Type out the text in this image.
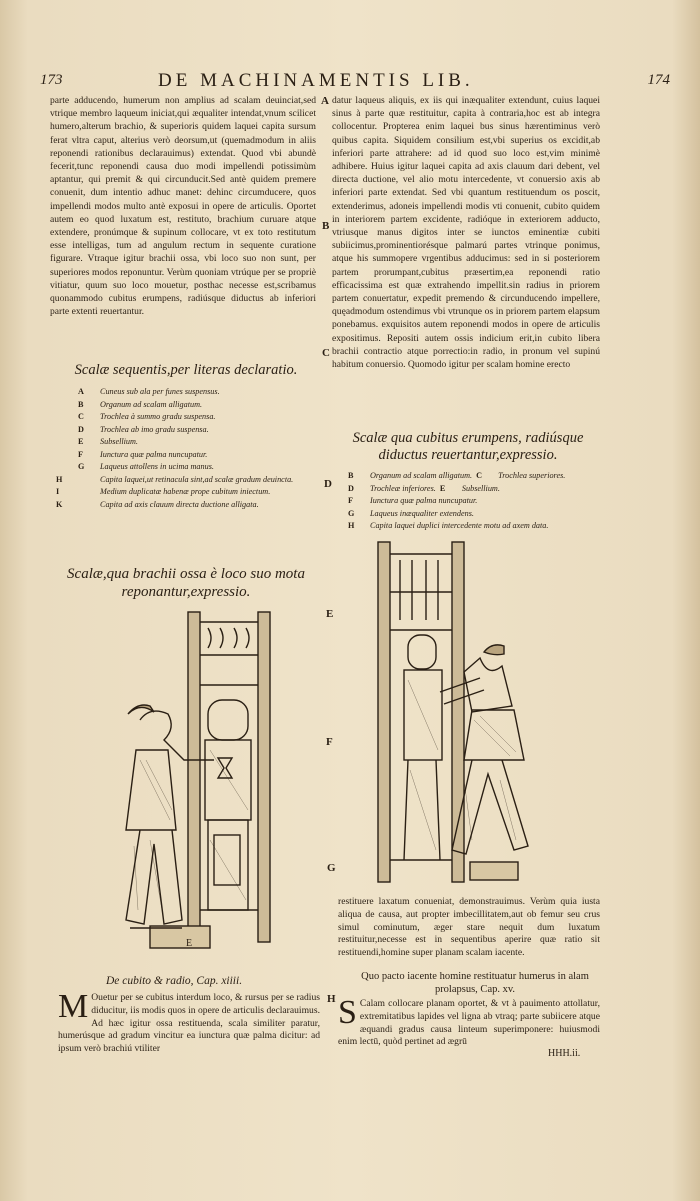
173	DE MACHINAMENTIS LIB.	174
parte adducendo, humerum non amplius ad scalam deuinciat,sed vtrique membro laqueum iniciat,qui æqualiter intendat,vnum scilicet humero,alterum brachio, & superioris quidem laquei capita sursum ferat vltra caput, alterius verò deorsum,ut (quemadmodum in aliis reponendi rationibus declarauimus) extendat. Quod vbi abundè fecerit,tunc reponendi causa duo modi impellendi potissimùm aptantur, qui premit & qui circunducit.Sed antè quidem premere conuenit, dum intentio adhuc manet: dehinc circumducere, quos impellendi modos multo antè exposui in opere de articulis. Oportet autem eo quod luxatum est, restituto, brachium curuare atque extendere, pronúmque & supinum collocare, vt ex toto restitutum esse intelligas, tum ad angulum rectum in sequente curatione figurare. Vtraque igitur brachii ossa, vbi loco suo non sunt, per superiores modos reponuntur. Verùm quoniam vtrúque per se propriè vitiatur, quum suo loco mouetur, posthac necesse est,scribamus quonammodo cubitus erumpens, radiúsque diductus ab inferiori parte extenti reuertantur.
datur laqueus aliquis, ex iis qui inæqualiter extendunt, cuius laquei sinus à parte quæ restituitur, capita à contraria,hoc est ab integra collocentur. Propterea enim laquei bus sinus hærentiminus verò quibus capita. Siquidem consilium est,vbi superius os excidit,ab inferiori parte attrahere: ad id quod suo loco est,vim minimè adhibere. Huius igitur laquei capita ad axis clauum dari debent, vel directa ductione, vel alio motu intercedente, vt conuersio axis ab inferiori parte extendat. Sed vbi quantum restituendum os poscit, extenderimus, adoneis impellendi modis vti conuenit, cubito quidem in interiorem partem excidente, radióque in exteriorem adducto, vtriusque manus digitos inter se iunctos eminentiæ cubiti subiicimus,prominentiorésque palmarú partes vtrinque ponimus, atque his summopere vrgentibus adducimus: sed in si posteriorem partem prorumpant,cubitus præsertim,ea reponendi ratio efficacissima est quæ extrahendo impellit.sin radius in priorem partem conuertatur, expedit premendo & circunducendo impellere, quęadmodum ostendimus vbi vtrunque os in priorem partem elapsum ponebamus. exquisitos autem reponendi modos in opere de articulis expositimus. Repositi autem ossis indicium erit,in cubito libera brachii contractio atque porrectio:in radio, in pronum vel supinú habitum conuersio. Quomodo igitur per scalam homine erecto
A
B
C
D
E
F
G
H
Scalæ sequentis,per literas declaratio.
A Cuneus sub ala per funes suspensus.
B Organum ad scalam alligatum.
C Trochlea à summo gradu suspensa.
D Trochlea ab imo gradu suspensa.
E Subsellium.
F Iunctura quæ palma nuncupatur.
G Laqueus attollens in ucima manus.
H	Capita laquei,ut retinacula sint,ad scalæ gradum deuincta.
I	Medium duplicatæ habenæ prope cubitum iniectum.
K	Capita ad axis clauum directa ductione alligata.
Scalæ,qua brachii ossa è loco suo mota reponantur,expressio.
E
Scalæ qua cubitus erumpens, radiúsque diductus reuertantur,expressio.
B Organum ad scalam alligatum. C Trochlea superiores.
D Trochleæ inferiores. E Subsellium.
F Iunctura quæ palma nuncupatur.
G Laqueus inæqualiter extendens.
H Capita laquei duplici intercedente motu ad axem data.
restituere laxatum conueniat, demonstrauimus. Verùm quia iusta aliqua de causa, aut propter imbecillitatem,aut ob femur seu crus simul cominutum, æger stare nequit dum luxatum restituitur,necesse est in sequentibus aperire quæ ratio sit restituendi,homine super planam scalam iacente.
De cubito & radio, Cap. xiiii.
M Ouetur per se cubitus interdum loco, & rursus per se radius diducitur, iis modis quos in opere de articulis declarauimus. Ad hæc igitur ossa restituenda, scala similiter paratur, humerúsque ad gradum vincitur ea iunctura quæ palma dicitur: ad ipsum verò brachiú vtiliter
Quo pacto iacente homine restituatur humerus in alam prolapsus, Cap. xv.
S Calam collocare planam oportet, & vt à pauimento attollatur, extremitatibus lapides vel ligna ab vtraq; parte subiicere atque æquandi gradus causa linteum superimponere: huiusmodi enim lectū, quòd pertinet ad ægrū
HHH.ii.
